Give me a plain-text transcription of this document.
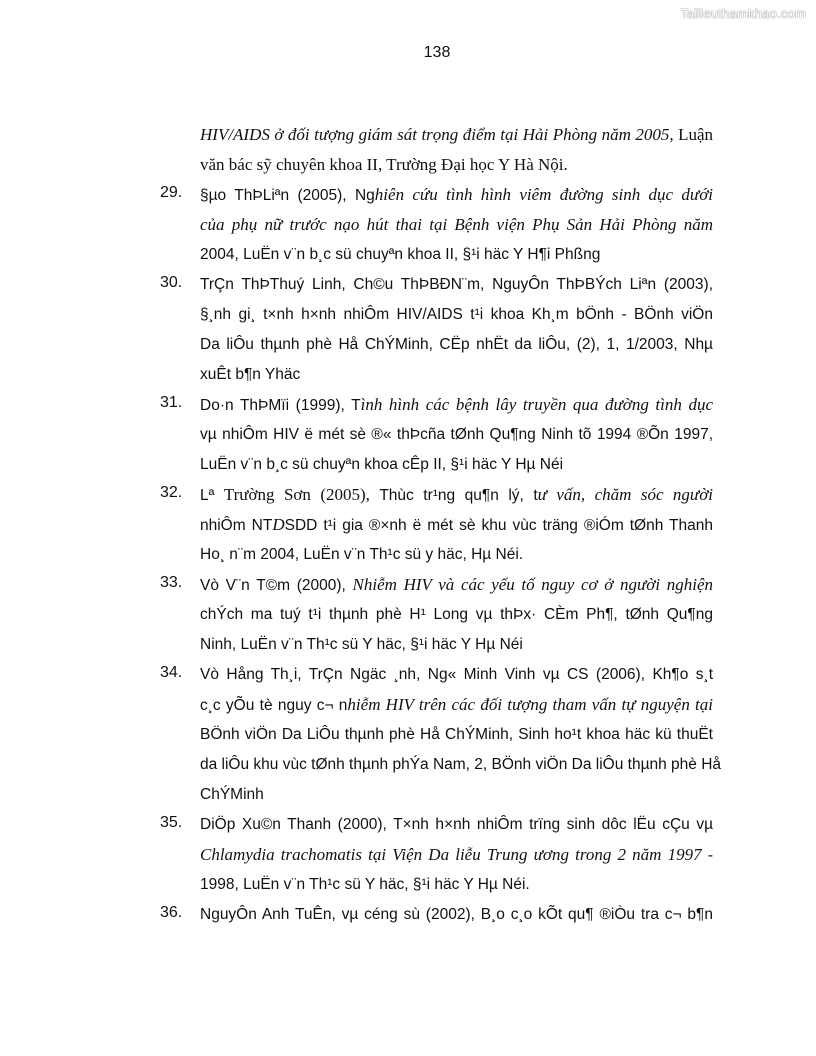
Tailieuthamkhao.com
138
HIV/AIDS ở đối tượng giám sát trọng điểm tại Hải Phòng năm 2005, Luận
văn bác sỹ chuyên khoa II, Trường Đại học Y Hà Nội.
29. §µo ThÞLiªn (2005), Nghiên cứu tình hình viêm đường sinh dục dưới
của phụ nữ trước nạo hút thai tại Bệnh viện Phụ Sản Hải Phòng năm
2004, LuËn v¨n b¸c sü chuyªn khoa II, §¹i häc Y H¶i Phßng
30. TrÇn ThÞThuý Linh, Ch©u ThÞBĐN¨m, NguyÔn ThÞBÝch Liªn (2003),
§¸nh gi¸ t×nh h×nh nhiÔm HIV/AIDS t¹i khoa Kh¸m bÖnh - BÖnh viÖn
Da liÔu thµnh phè Hå ChÝMinh, CËp nhËt da liÔu, (2), 1, 1/2003, Nhµ
xuÊt b¶n Yhäc
31. Do·n ThÞMïi (1999), Tình hình các bệnh lây truyền qua đường tình dục
vµ nhiÔm HIV ë mét sè ®« thÞcña tØnh Qu¶ng Ninh tõ 1994 ®Õn 1997,
LuËn v¨n b¸c sü chuyªn khoa cÊp II, §¹i häc Y Hµ Néi
32. Lª Trường Sơn (2005), Thùc tr¹ng qu¶n lý, tư vấn, chăm sóc người
nhiÔm NTDSDD t¹i gia ®×nh ë mét sè khu vùc träng ®iÓm tØnh Thanh
Ho¸ n¨m 2004, LuËn v¨n Th¹c sü y häc, Hµ Néi.
33. Vò V¨n T©m (2000), Nhiễm HIV và các yếu tố nguy cơ ở người nghiện
chÝch ma tuý t¹i thµnh phè H¹ Long vµ thÞx· CÈm Ph¶, tØnh Qu¶ng
Ninh, LuËn v¨n Th¹c sü Y häc, §¹i häc Y Hµ Néi
34. Vò Hång Th¸i, TrÇn Ngäc ¸nh, Ng« Minh Vinh vµ CS (2006), Kh¶o s¸t
c¸c yÕu tè nguy c¬ nhiễm HIV trên các đối tượng tham vấn tự nguyện tại
BÖnh viÖn Da LiÔu thµnh phè Hå ChÝMinh, Sinh ho¹t khoa häc kü thuËt
da liÔu khu vùc tØnh thµnh phÝa Nam, 2, BÖnh viÖn Da liÔu thµnh phè Hå
ChÝMinh
35. DiÖp Xu©n Thanh (2000), T×nh h×nh nhiÔm trïng sinh dôc lËu cÇu vµ
Chlamydia trachomatis tại Viện Da liễu Trung ương trong 2 năm 1997 -
1998, LuËn v¨n Th¹c sü Y häc, §¹i häc Y Hµ Néi.
36. NguyÔn Anh TuÊn, vµ céng sù (2002), B¸o c¸o kÕt qu¶ ®iÒu tra c¬ b¶n
